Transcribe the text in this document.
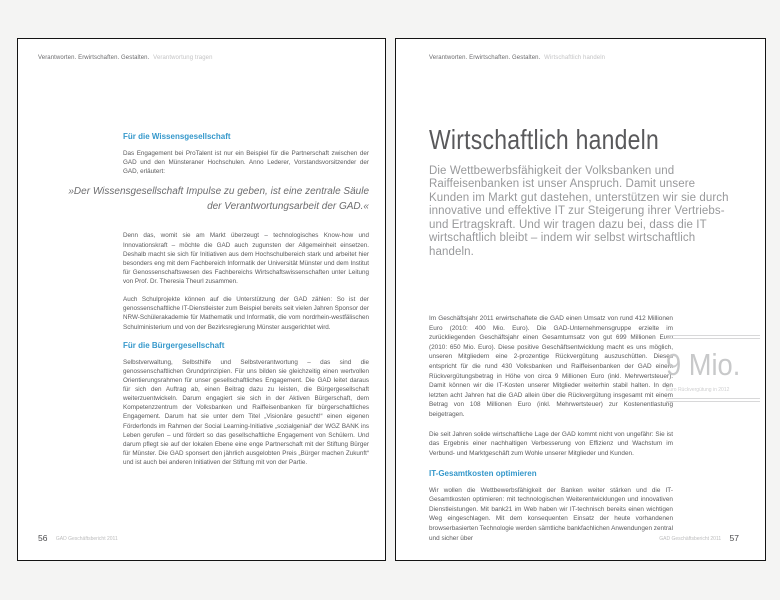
Verantworten. Erwirtschaften. Gestalten. Verantwortung tragen
Für die Wissensgesellschaft

Das Engagement bei ProTalent ist nur ein Beispiel für die Partnerschaft zwischen der GAD und den Münsteraner Hochschulen. Anno Lederer, Vorstandsvorsitzender der GAD, erläutert:

»Der Wissensgesellschaft Impulse zu geben, ist eine zentrale Säule der Verantwortungsarbeit der GAD.«

Denn das, womit sie am Markt überzeugt – technologisches Know-how und Innovationskraft – möchte die GAD auch zugunsten der Allgemeinheit einsetzen. Deshalb macht sie sich für Initiativen aus dem Hochschulbereich stark und arbeitet hier besonders eng mit dem Fachbereich Informatik der Universität Münster und dem Institut für Genossenschaftswesen des Fachbereichs Wirtschaftswissenschaften unter Leitung von Prof. Dr. Theresia Theurl zusammen.

Auch Schulprojekte können auf die Unterstützung der GAD zählen: So ist der genossenschaftliche IT-Dienstleister zum Beispiel bereits seit vielen Jahren Sponsor der NRW-Schülerakademie für Mathematik und Informatik, die vom nordrhein-westfälischen Schulministerium und von der Bezirksregierung Münster ausgerichtet wird.

Für die Bürgergesellschaft

Selbstverwaltung, Selbsthilfe und Selbstverantwortung – das sind die genossenschaftlichen Grundprinzipien. Für uns bilden sie gleichzeitig einen wertvollen Orientierungsrahmen für unser gesellschaftliches Engagement. Die GAD leitet daraus für sich den Auftrag ab, einen Beitrag dazu zu leisten, die Bürgergesellschaft weiterzuentwickeln. Darum engagiert sie sich in der Aktiven Bürgerschaft, dem Kompetenzzentrum der Volksbanken und Raiffeisenbanken für bürgerschaftliches Engagement. Darum hat sie unter dem Titel „Visionäre gesucht!“ einen eigenen Förderfonds im Rahmen der Social Learning-Initiative „sozialgenial“ der WGZ BANK ins Leben gerufen – und fördert so das gesellschaftliche Engagement von Schülern. Und darum pflegt sie auf der lokalen Ebene eine enge Partnerschaft mit der Stiftung Bürger für Münster. Die GAD sponsert den jährlich ausgelobten Preis „Bürger machen Zukunft“ und ist auch bei anderen Initiativen der Stiftung mit von der Partie.

56 GAD Geschäftsbericht 2011
Verantworten. Erwirtschaften. Gestalten. Wirtschaftlich handeln
Wirtschaftlich handeln
Die Wettbewerbsfähigkeit der Volksbanken und Raiffeisenbanken ist unser Anspruch. Damit unsere Kunden im Markt gut dastehen, unterstützen wir sie durch innovative und effektive IT zur Steigerung ihrer Vertriebs- und Ertragskraft. Und wir tragen dazu bei, dass die IT wirtschaftlich bleibt – indem wir selbst wirtschaftlich handeln.

Im Geschäftsjahr 2011 erwirtschaftete die GAD einen Umsatz von rund 412 Millionen Euro (2010: 400 Mio. Euro). Die GAD-Unternehmensgruppe erzielte im zurückliegenden Geschäftsjahr einen Gesamtumsatz von gut 699 Millionen Euro (2010: 650 Mio. Euro). Diese positive Geschäftsentwicklung macht es uns möglich, unseren Mitgliedern eine 2-prozentige Rückvergütung auszuschütten. Dieses entspricht für die rund 430 Volksbanken und Raiffeisenbanken der GAD einem Rückvergütungsbetrag in Höhe von circa 9 Millionen Euro (inkl. Mehrwertsteuer). Damit können wir die IT-Kosten unserer Mitglieder weiterhin stabil halten. In den letzten acht Jahren hat die GAD allein über die Rückvergütung insgesamt mit einem Betrag von 108 Millionen Euro (inkl. Mehrwertsteuer) zur Kostenentlastung beigetragen.

Die seit Jahren solide wirtschaftliche Lage der GAD kommt nicht von ungefähr: Sie ist das Ergebnis einer nachhaltigen Verbesserung von Effizienz und Wachstum im Verbund- und Marktgeschäft zum Wohle unserer Mitglieder und Kunden.

IT-Gesamtkosten optimieren

Wir wollen die Wettbewerbsfähigkeit der Banken weiter stärken und die IT-Gesamtkosten optimieren: mit technologischen Weiterentwicklungen und innovativen Dienstleistungen. Mit bank21 im Web haben wir IT-technisch bereits einen wichtigen Weg eingeschlagen. Mit dem konsequenten Einsatz der heute vorhandenen browserbasierten Technologie werden sämtliche bankfachlichen Anwendungen zentral und sicher über

9 Mio.
Euro Rückvergütung in 2012
GAD Geschäftsbericht 2011 57
